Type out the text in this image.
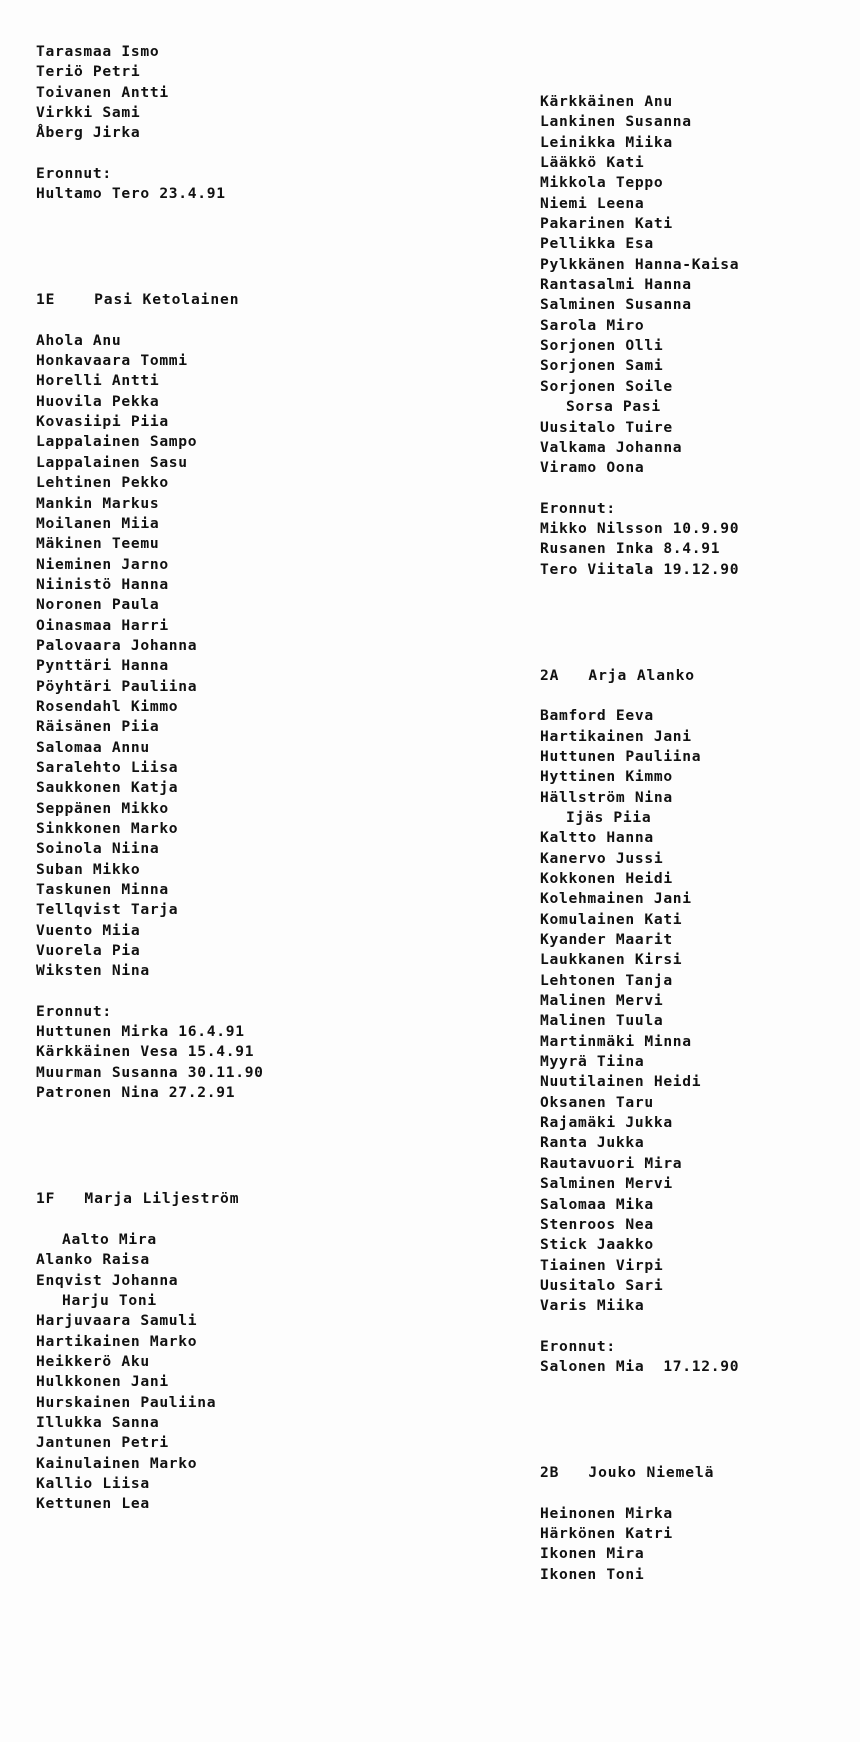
Tarasmaa Ismo
Teriö Petri
Toivanen Antti
Virkki Sami
Åberg Jirka
Eronnut:
Hultamo Tero 23.4.91
1E    Pasi Ketolainen
Ahola Anu
Honkavaara Tommi
Horelli Antti
Huovila Pekka
Kovasiipi Piia
Lappalainen Sampo
Lappalainen Sasu
Lehtinen Pekko
Mankin Markus
Moilanen Miia
Mäkinen Teemu
Nieminen Jarno
Niinistö Hanna
Noronen Paula
Oinasmaa Harri
Palovaara Johanna
Pynttäri Hanna
Pöyhtäri Pauliina
Rosendahl Kimmo
Räisänen Piia
Salomaa Annu
Saralehto Liisa
Saukkonen Katja
Seppänen Mikko
Sinkkonen Marko
Soinola Niina
Suban Mikko
Taskunen Minna
Tellqvist Tarja
Vuento Miia
Vuorela Pia
Wiksten Nina
Eronnut:
Huttunen Mirka 16.4.91
Kärkkäinen Vesa 15.4.91
Muurman Susanna 30.11.90
Patronen Nina 27.2.91
1F   Marja Liljeström
Aalto Mira
Alanko Raisa
Enqvist Johanna
Harju Toni
Harjuvaara Samuli
Hartikainen Marko
Heikkerö Aku
Hulkkonen Jani
Hurskainen Pauliina
Illukka Sanna
Jantunen Petri
Kainulainen Marko
Kallio Liisa
Kettunen Lea
Kärkkäinen Anu
Lankinen Susanna
Leinikka Miika
Lääkkö Kati
Mikkola Teppo
Niemi Leena
Pakarinen Kati
Pellikka Esa
Pylkkänen Hanna-Kaisa
Rantasalmi Hanna
Salminen Susanna
Sarola Miro
Sorjonen Olli
Sorjonen Sami
Sorjonen Soile
Sorsa Pasi
Uusitalo Tuire
Valkama Johanna
Viramo Oona
Eronnut:
Mikko Nilsson 10.9.90
Rusanen Inka 8.4.91
Tero Viitala 19.12.90
2A   Arja Alanko
Bamford Eeva
Hartikainen Jani
Huttunen Pauliina
Hyttinen Kimmo
Hällström Nina
Ijäs Piia
Kaltto Hanna
Kanervo Jussi
Kokkonen Heidi
Kolehmainen Jani
Komulainen Kati
Kyander Maarit
Laukkanen Kirsi
Lehtonen Tanja
Malinen Mervi
Malinen Tuula
Martinmäki Minna
Myyrä Tiina
Nuutilainen Heidi
Oksanen Taru
Rajamäki Jukka
Ranta Jukka
Rautavuori Mira
Salminen Mervi
Salomaa Mika
Stenroos Nea
Stick Jaakko
Tiainen Virpi
Uusitalo Sari
Varis Miika
Eronnut:
Salonen Mia  17.12.90
2B   Jouko Niemelä
Heinonen Mirka
Härkönen Katri
Ikonen Mira
Ikonen Toni
